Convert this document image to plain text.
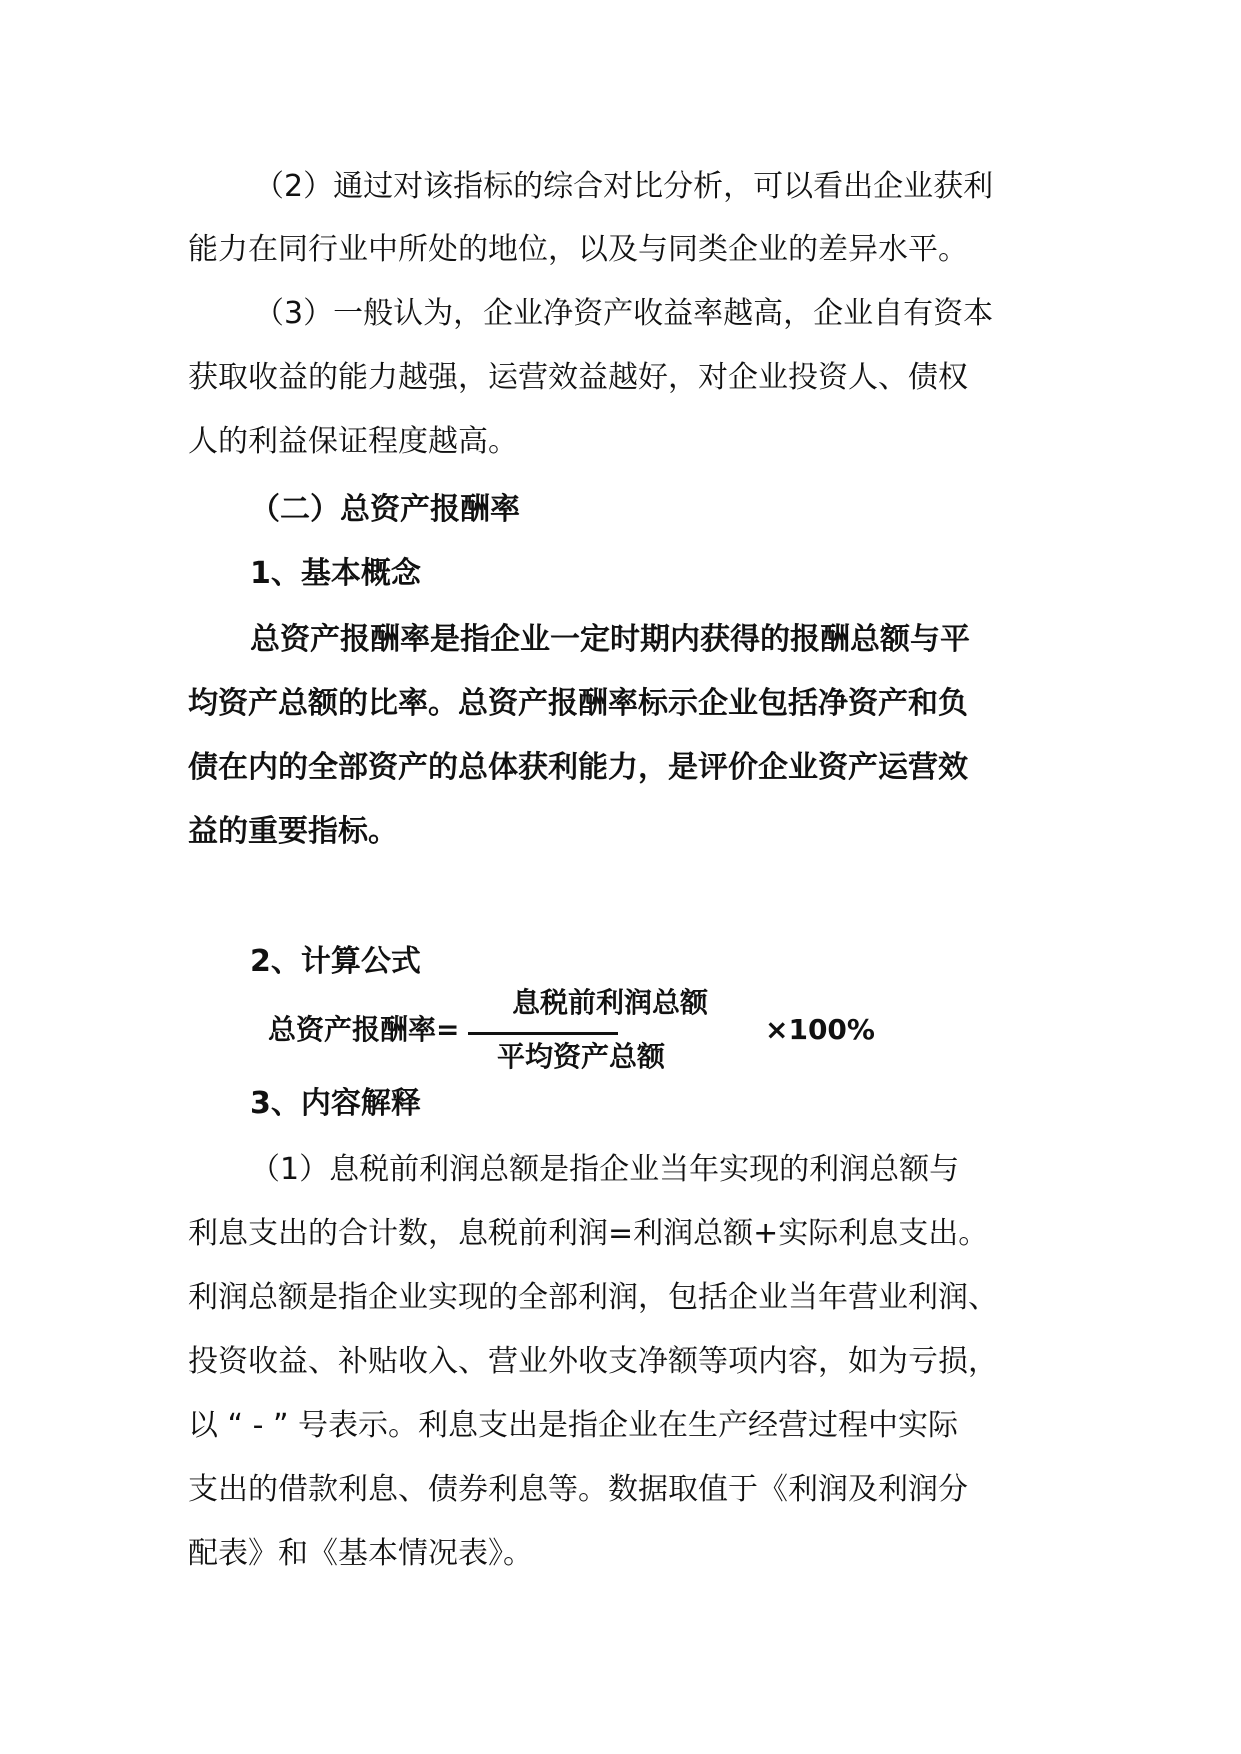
（2）通过对该指标的综合对比分析，可以看出企业获利

能力在同行业中所处的地位，以及与同类企业的差异水平。

（3）一般认为，企业净资产收益率越高，企业自有资本

获取收益的能力越强，运营效益越好，对企业投资人、债权

人的利益保证程度越高。

（二）总资产报酬率

1、基本概念

总资产报酬率是指企业一定时期内获得的报酬总额与平

均资产总额的比率。总资产报酬率标示企业包括净资产和负

债在内的全部资产的总体获利能力，是评价企业资产运营效

益的重要指标。

2、计算公式

总资产报酬率=
息税前利润总额
平均资产总额
×100%

3、内容解释

（1）息税前利润总额是指企业当年实现的利润总额与

利息支出的合计数，息税前利润=利润总额+实际利息支出。

利润总额是指企业实现的全部利润，包括企业当年营业利润、

投资收益、补贴收入、营业外收支净额等项内容，如为亏损，

以 “ - ” 号表示。利息支出是指企业在生产经营过程中实际

支出的借款利息、债券利息等。数据取值于《利润及利润分

配表》和《基本情况表》。
